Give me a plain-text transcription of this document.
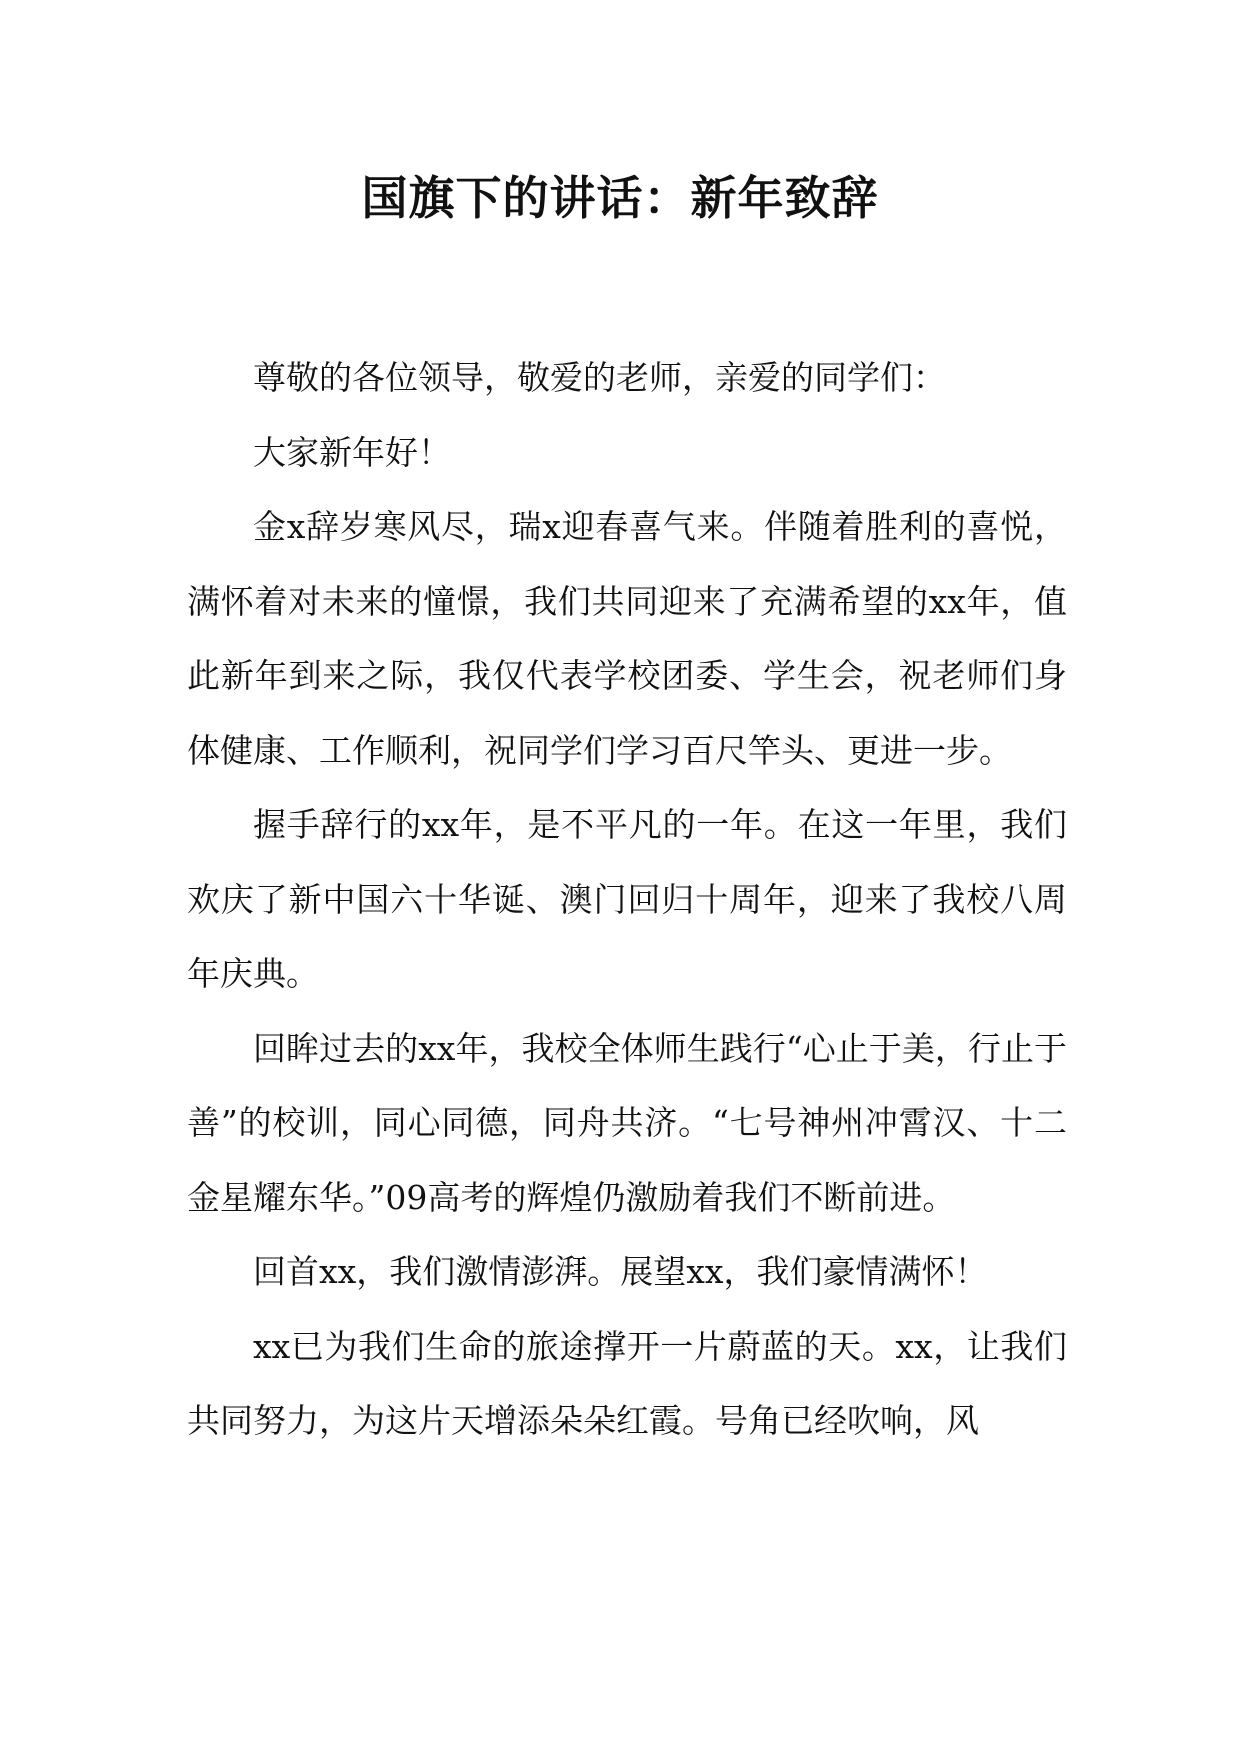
国旗下的讲话：新年致辞

尊敬的各位领导，敬爱的老师，亲爱的同学们：

大家新年好！

金x辞岁寒风尽，瑞x迎春喜气来。伴随着胜利的喜悦，满怀着对未来的憧憬，我们共同迎来了充满希望的xx年，值此新年到来之际，我仅代表学校团委、学生会，祝老师们身体健康、工作顺利，祝同学们学习百尺竿头、更进一步。

握手辞行的xx年，是不平凡的一年。在这一年里，我们欢庆了新中国六十华诞、澳门回归十周年，迎来了我校八周年庆典。

回眸过去的xx年，我校全体师生践行“心止于美，行止于善”的校训，同心同德，同舟共济。“七号神州冲霄汉、十二金星耀东华。”09高考的辉煌仍激励着我们不断前进。

回首xx，我们激情澎湃。展望xx，我们豪情满怀！

xx已为我们生命的旅途撑开一片蔚蓝的天。xx，让我们共同努力，为这片天增添朵朵红霞。号角已经吹响，风
